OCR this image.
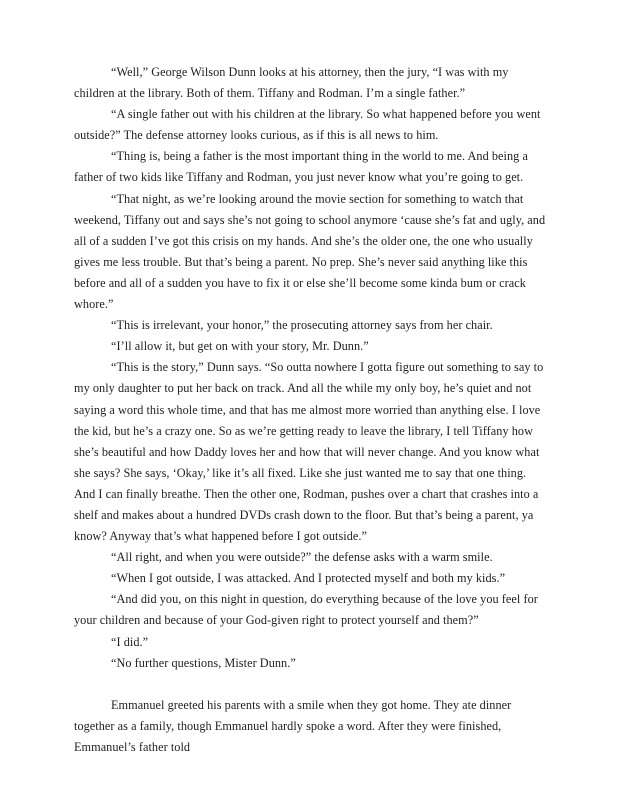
“Well,” George Wilson Dunn looks at his attorney, then the jury, “I was with my children at the library. Both of them. Tiffany and Rodman. I’m a single father.”

“A single father out with his children at the library. So what happened before you went outside?” The defense attorney looks curious, as if this is all news to him.

“Thing is, being a father is the most important thing in the world to me. And being a father of two kids like Tiffany and Rodman, you just never know what you’re going to get.

“That night, as we’re looking around the movie section for something to watch that weekend, Tiffany out and says she’s not going to school anymore ‘cause she’s fat and ugly, and all of a sudden I’ve got this crisis on my hands. And she’s the older one, the one who usually gives me less trouble. But that’s being a parent. No prep. She’s never said anything like this before and all of a sudden you have to fix it or else she’ll become some kinda bum or crack whore.”

“This is irrelevant, your honor,” the prosecuting attorney says from her chair.

“I’ll allow it, but get on with your story, Mr. Dunn.”

“This is the story,” Dunn says. “So outta nowhere I gotta figure out something to say to my only daughter to put her back on track. And all the while my only boy, he’s quiet and not saying a word this whole time, and that has me almost more worried than anything else. I love the kid, but he’s a crazy one. So as we’re getting ready to leave the library, I tell Tiffany how she’s beautiful and how Daddy loves her and how that will never change. And you know what she says? She says, ‘Okay,’ like it’s all fixed. Like she just wanted me to say that one thing. And I can finally breathe. Then the other one, Rodman, pushes over a chart that crashes into a shelf and makes about a hundred DVDs crash down to the floor. But that’s being a parent, ya know? Anyway that’s what happened before I got outside.”

“All right, and when you were outside?” the defense asks with a warm smile.

“When I got outside, I was attacked. And I protected myself and both my kids.”

“And did you, on this night in question, do everything because of the love you feel for your children and because of your God-given right to protect yourself and them?”

“I did.”

“No further questions, Mister Dunn.”

Emmanuel greeted his parents with a smile when they got home. They ate dinner together as a family, though Emmanuel hardly spoke a word. After they were finished, Emmanuel’s father told
